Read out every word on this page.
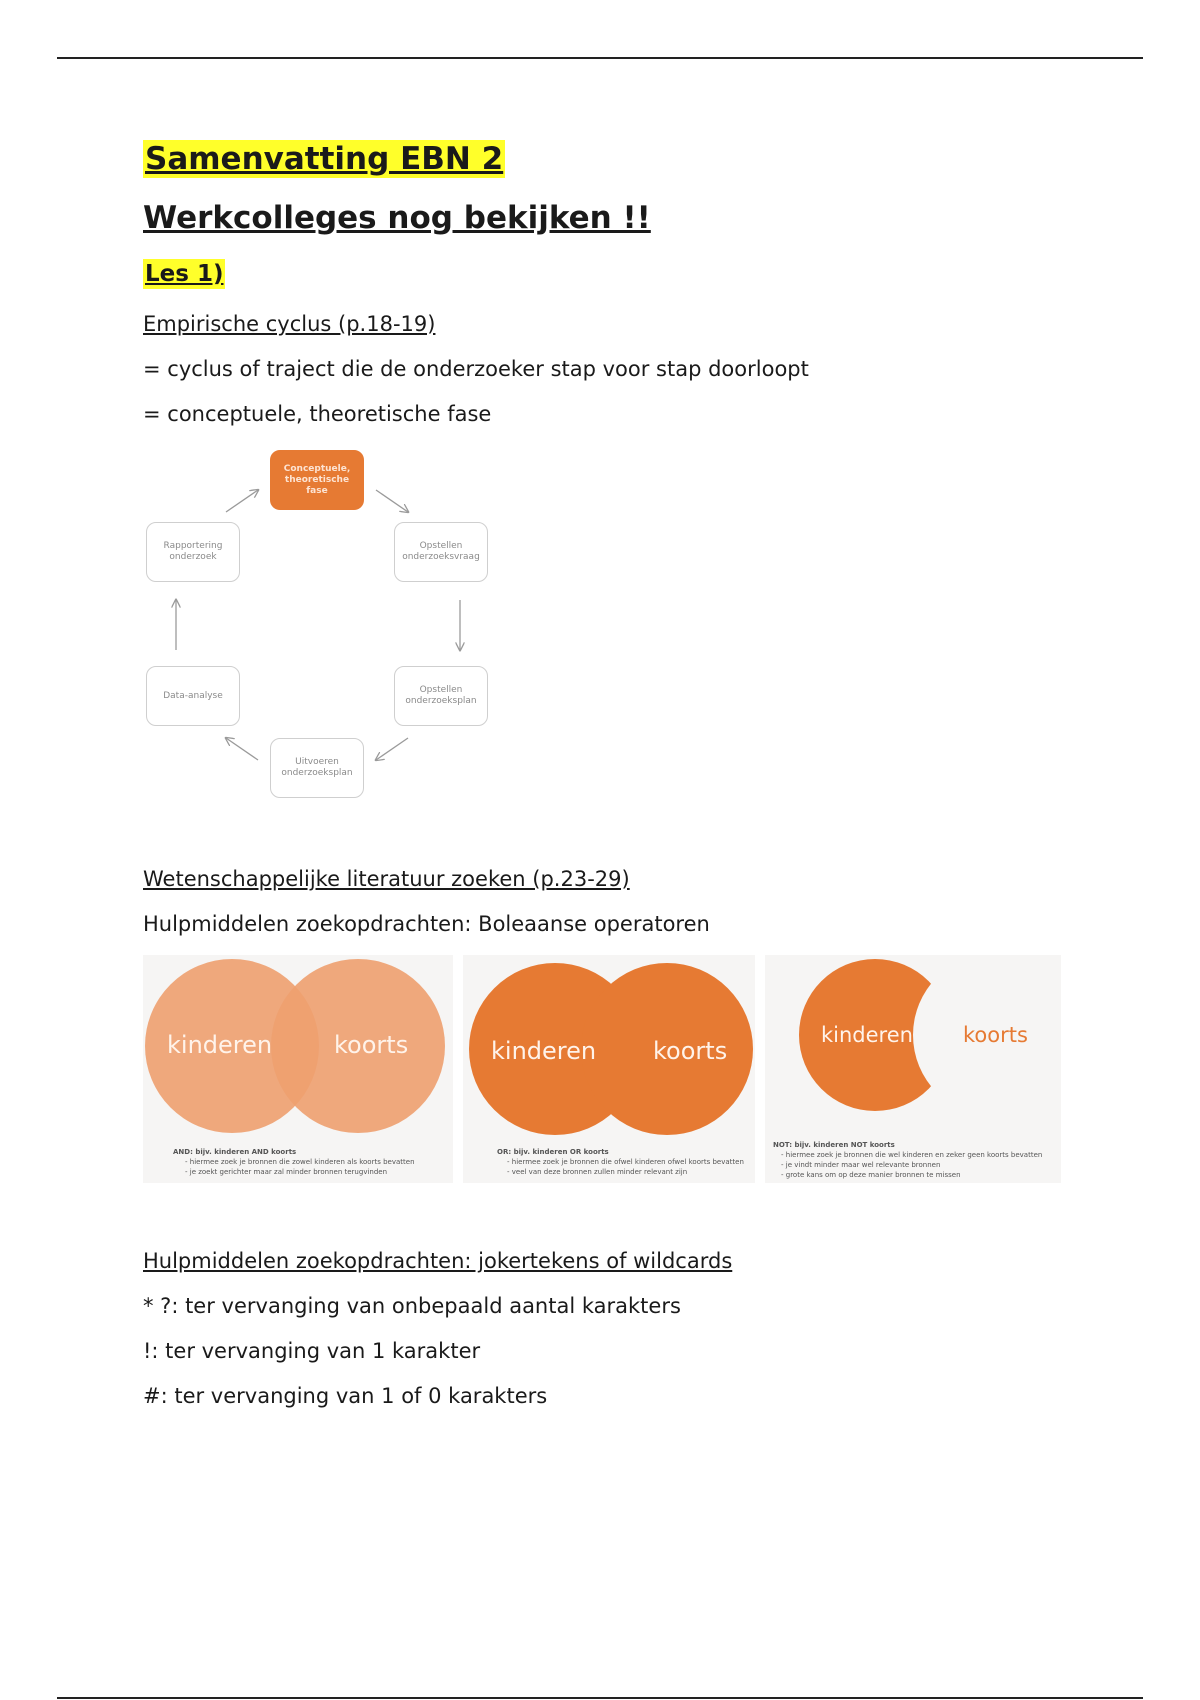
Samenvatting EBN 2
Werkcolleges nog bekijken !!
Les 1)
Empirische cyclus (p.18-19)
= cyclus of traject die de onderzoeker stap voor stap doorloopt
= conceptuele, theoretische fase
Conceptuele, theoretische fase
Opstellen onderzoeksvraag
Opstellen onderzoeksplan
Uitvoeren onderzoeksplan
Data-analyse
Rapportering onderzoek
Wetenschappelijke literatuur zoeken (p.23-29)
Hulpmiddelen zoekopdrachten: Boleaanse operatoren
kinderen	koorts
AND: bijv. kinderen AND koorts
- hiermee zoek je bronnen die zowel kinderen als koorts bevatten
- je zoekt gerichter maar zal minder bronnen terugvinden
kinderen koorts
OR: bijv. kinderen OR koorts
- hiermee zoek je bronnen die ofwel kinderen ofwel koorts bevatten
- veel van deze bronnen zullen minder relevant zijn
kinderen koorts
NOT: bijv. kinderen NOT koorts
- hiermee zoek je bronnen die wel kinderen en zeker geen koorts bevatten
- je vindt minder maar wel relevante bronnen
- grote kans om op deze manier bronnen te missen
Hulpmiddelen zoekopdrachten: jokertekens of wildcards
* ?: ter vervanging van onbepaald aantal karakters
!: ter vervanging van 1 karakter
#: ter vervanging van 1 of 0 karakters
